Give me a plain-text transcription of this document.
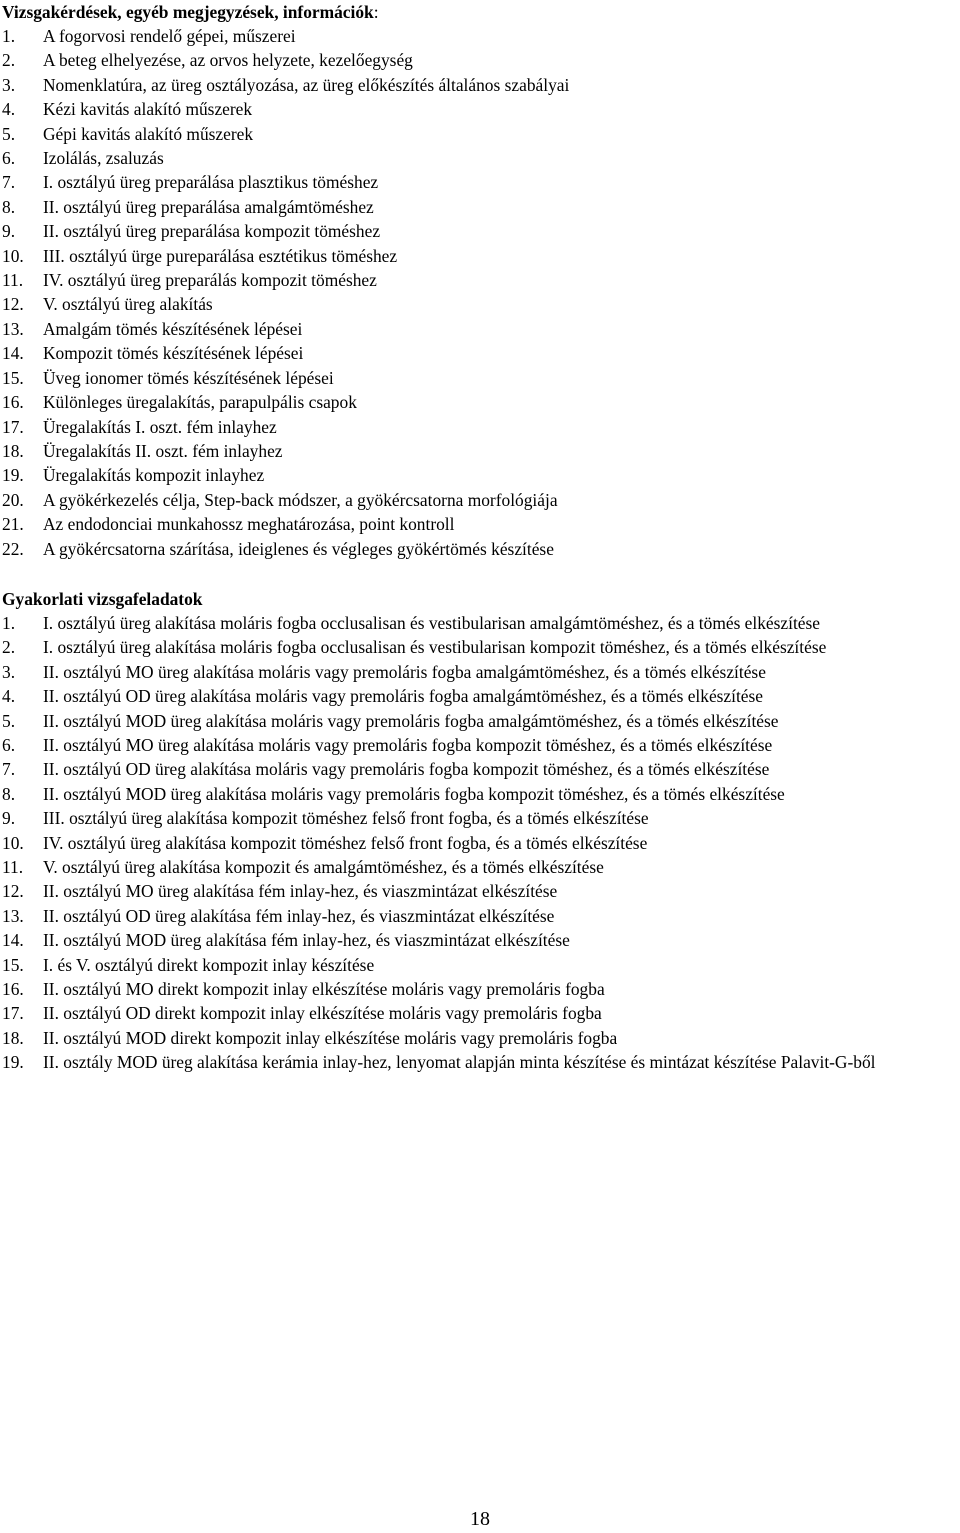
Vizsgakérdések, egyéb megjegyzések, információk:
1.	A fogorvosi rendelő gépei, műszerei
2.	A beteg elhelyezése, az orvos helyzete, kezelőegység
3.	Nomenklatúra, az üreg osztályozása, az üreg előkészítés általános szabályai
4.	Kézi kavitás alakító műszerek
5.	Gépi kavitás alakító műszerek
6.	Izolálás, zsaluzás
7.	I. osztályú üreg preparálása plasztikus töméshez
8.	II. osztályú üreg preparálása amalgámtöméshez
9.	II. osztályú üreg preparálása kompozit töméshez
10.	III. osztályú ürge pureparálása esztétikus töméshez
11.	IV. osztályú üreg preparálás kompozit töméshez
12.	V. osztályú üreg alakítás
13.	Amalgám tömés készítésének lépései
14.	Kompozit tömés készítésének lépései
15.	Üveg ionomer tömés készítésének lépései
16.	Különleges üregalakítás, parapulpális csapok
17.	Üregalakítás I. oszt. fém inlayhez
18.	Üregalakítás II. oszt. fém inlayhez
19.	Üregalakítás kompozit inlayhez
20.	A gyökérkezelés célja, Step-back módszer, a gyökércsatorna morfológiája
21.	Az endodonciai munkahossz meghatározása, point kontroll
22.	A gyökércsatorna szárítása, ideiglenes és végleges gyökértömés készítése
Gyakorlati vizsgafeladatok
1.	I. osztályú üreg alakítása moláris fogba occlusalisan és vestibularisan amalgámtöméshez, és a tömés elkészítése
2.	I. osztályú üreg alakítása moláris fogba occlusalisan és vestibularisan kompozit töméshez, és a tömés elkészítése
3.	II. osztályú MO üreg alakítása moláris vagy premoláris fogba amalgámtöméshez, és a tömés elkészítése
4.	II. osztályú OD üreg alakítása moláris vagy premoláris fogba amalgámtöméshez, és a tömés elkészítése
5.	II. osztályú MOD üreg alakítása moláris vagy premoláris fogba amalgámtöméshez, és a tömés elkészítése
6.	II. osztályú MO üreg alakítása moláris vagy premoláris fogba kompozit töméshez, és a tömés elkészítése
7.	II. osztályú OD üreg alakítása moláris vagy premoláris fogba kompozit töméshez, és a tömés elkészítése
8.	II. osztályú MOD üreg alakítása moláris vagy premoláris fogba kompozit töméshez, és a tömés elkészítése
9.	III. osztályú üreg alakítása kompozit töméshez felső front fogba, és a tömés elkészítése
10.	IV. osztályú üreg alakítása kompozit töméshez felső front fogba, és a tömés elkészítése
11.	V. osztályú üreg alakítása kompozit és amalgámtöméshez, és a tömés elkészítése
12.	II. osztályú MO üreg alakítása fém inlay-hez, és viaszmintázat elkészítése
13.	II. osztályú OD üreg alakítása fém inlay-hez, és viaszmintázat elkészítése
14.	II. osztályú MOD üreg alakítása fém inlay-hez, és viaszmintázat elkészítése
15.	I. és V. osztályú direkt kompozit inlay készítése
16.	II. osztályú MO direkt kompozit inlay elkészítése moláris vagy premoláris fogba
17.	II. osztályú OD direkt kompozit inlay elkészítése moláris vagy premoláris fogba
18.	II. osztályú MOD direkt kompozit inlay elkészítése moláris vagy premoláris fogba
19.	II. osztály MOD üreg alakítása kerámia inlay-hez, lenyomat alapján minta készítése és mintázat készítése Palavit-G-ből
18
